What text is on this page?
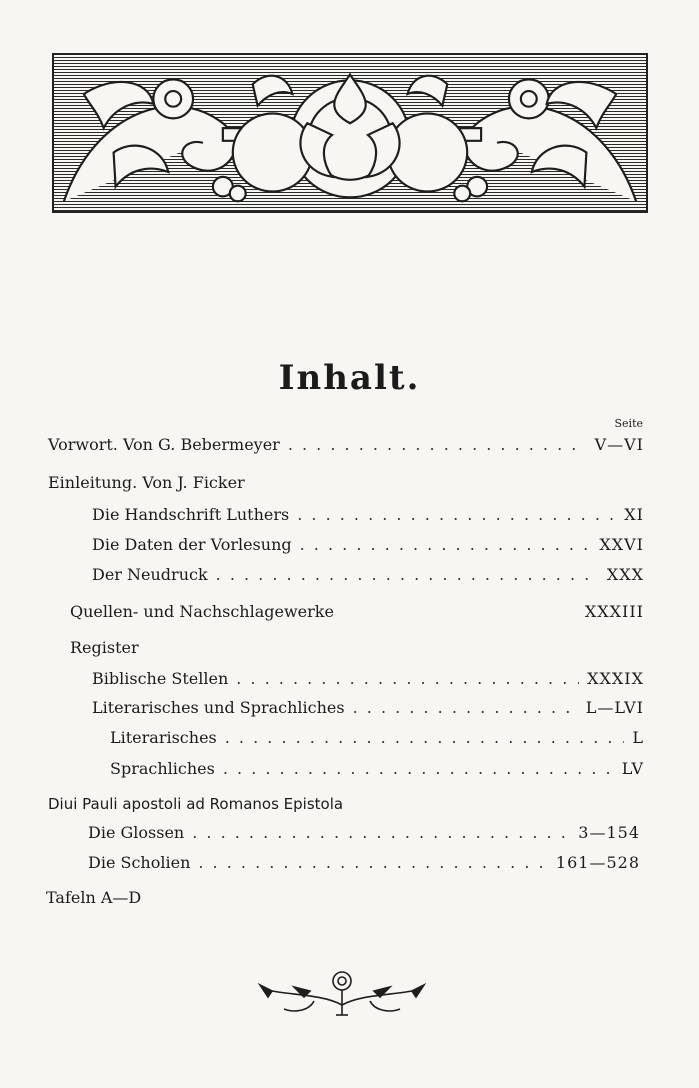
Inhalt.
Seite
Vorwort. Von G. Bebermeyer . . .	V—VI
Einleitung. Von J. Ficker
Die Handschrift Luthers . . .	XI
Die Daten der Vorlesung . . .	XXVI
Der Neudruck . . .	XXX
Quellen- und Nachschlagewerke	XXXIII
Register
Biblische Stellen . . .	XXXIX
Literarisches und Sprachliches . . .	L—LVI
Literarisches . . .	L
Sprachliches . . .	LV
Diui Pauli apostoli ad Romanos Epistola
Die Glossen . . .	3—154
Die Scholien . . .	161—528
Tafeln A—D
